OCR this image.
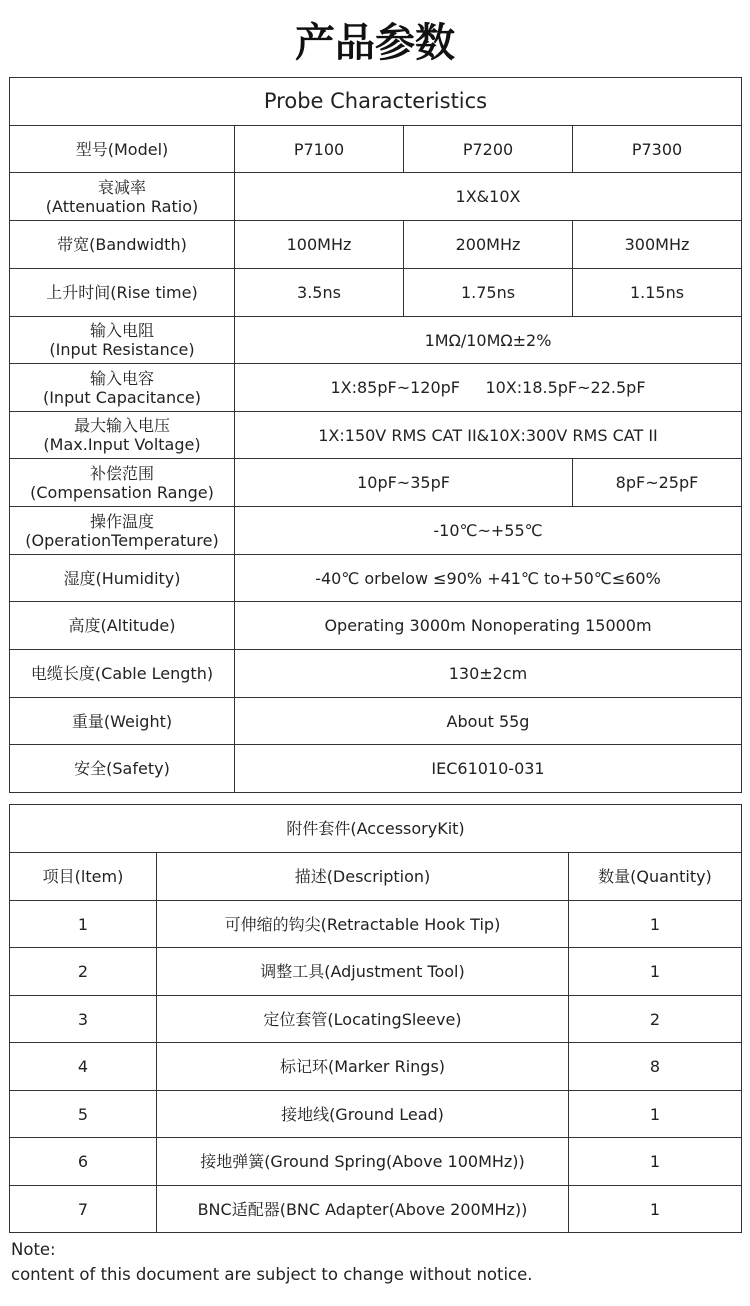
产品参数
Probe Characteristics			
型号(Model)	P7100	P7200	P7300

衰减率
(Attenuation Ratio)	1X&10X		
带宽(Bandwidth)	100MHz	200MHz	300MHz
上升时间(Rise time)	3.5ns	1.75ns	1.15ns

输入电阻
(Input Resistance)	1MΩ/10MΩ±2%		

输入电容
(Input Capacitance)	1X:85pF~120pF     10X:18.5pF~22.5pF		

最大输入电压
(Max.Input Voltage)	1X:150V RMS CAT II&10X:300V RMS CAT II		

补偿范围
(Compensation Range)	10pF~35pF		8pF~25pF

操作温度
(OperationTemperature)	-10℃~+55℃		
湿度(Humidity)	-40℃ orbelow ≤90% +41℃ to+50℃≤60%		
高度(Altitude)	Operating 3000m Nonoperating 15000m		
电缆长度(Cable Length)	130±2cm		
重量(Weight)	About 55g		
安全(Safety)	IEC61010-031		
附件套件(AccessoryKit)		
项目(ltem)	描述(Description)	数量(Quantity)
1	可伸缩的钩尖(Retractable Hook Tip)	1
2	调整工具(Adjustment Tool)	1
3	定位套管(LocatingSleeve)	2
4	标记环(Marker Rings)	8
5	接地线(Ground Lead)	1
6	接地弹簧(Ground Spring(Above 100MHz))	1
7	BNC适配器(BNC Adapter(Above 200MHz))	1
Note:
content of this document are subject to change without notice.
